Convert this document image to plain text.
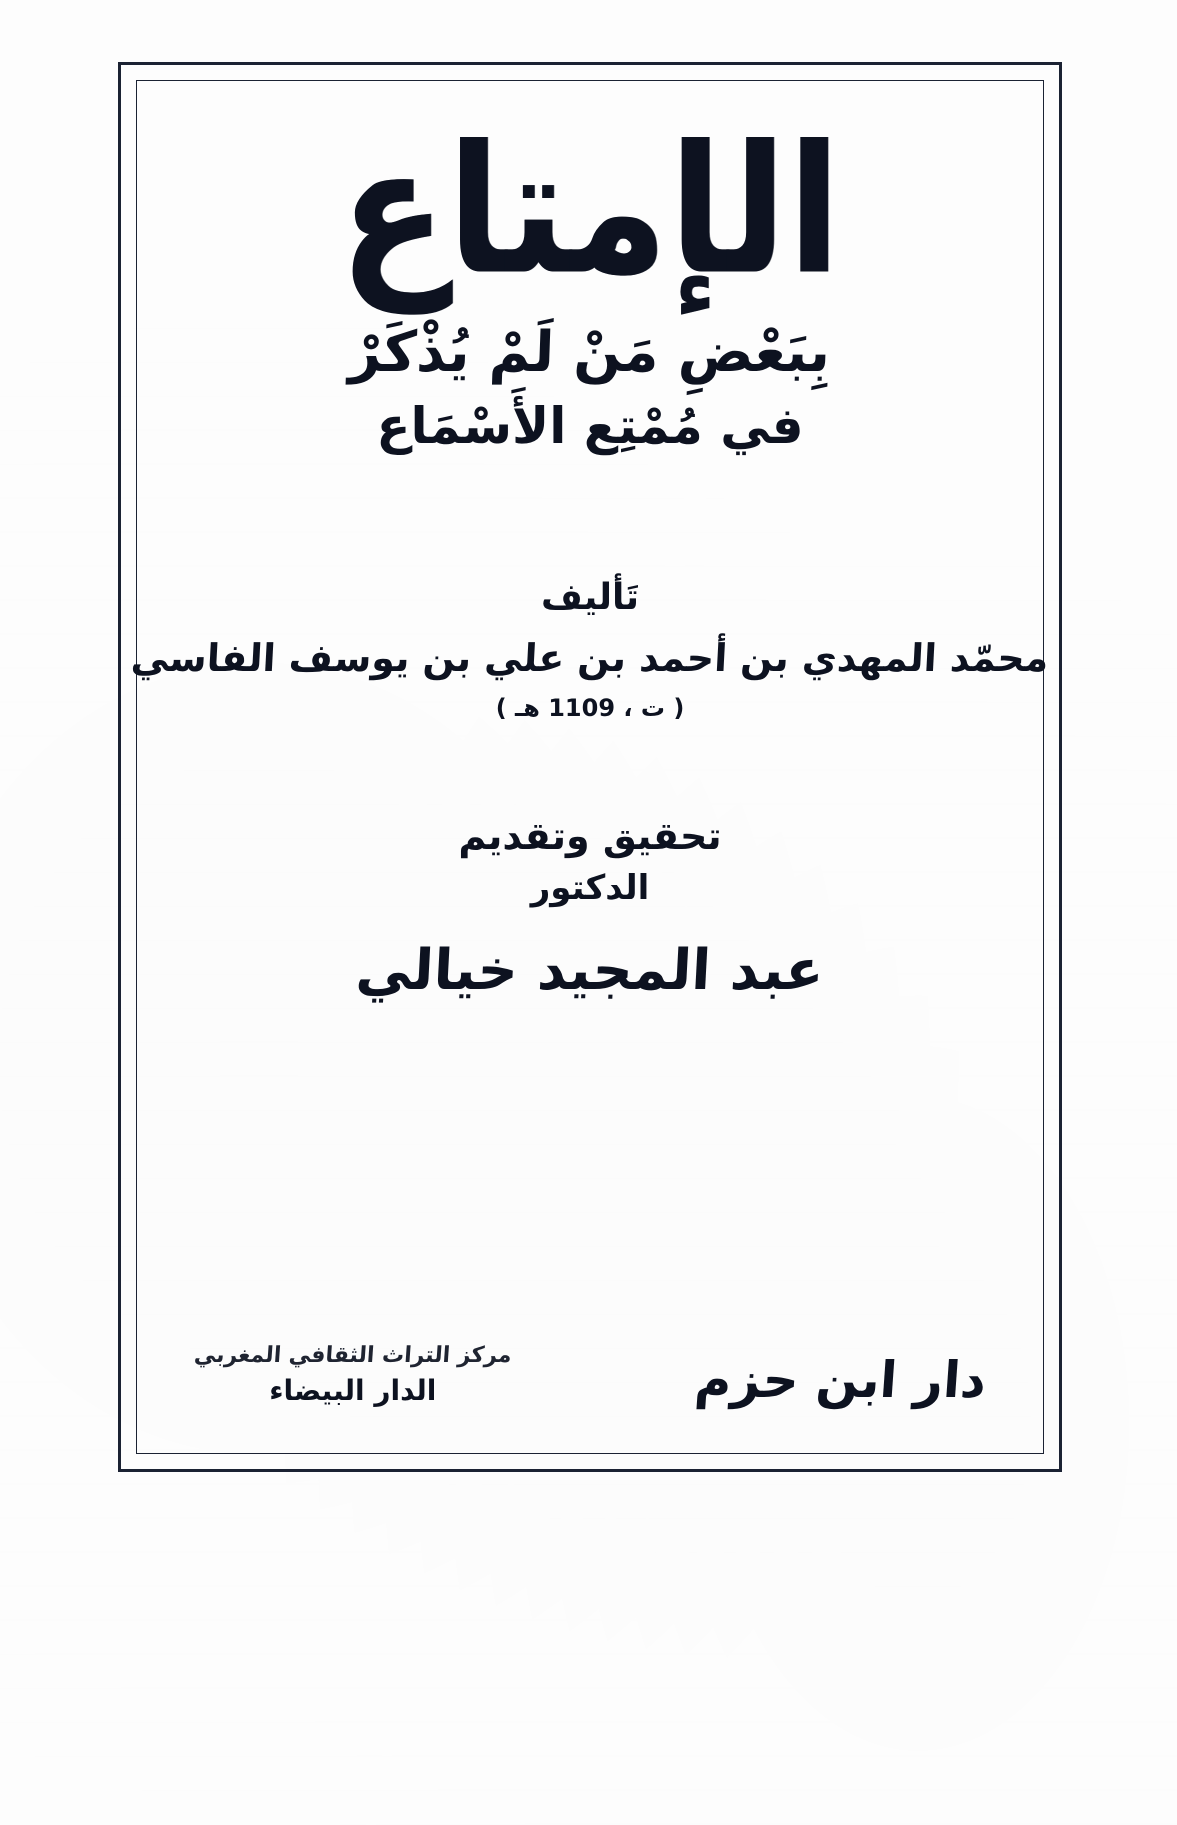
الإمتاع
بِبَعْضِ مَنْ لَمْ يُذْكَرْ
في مُمْتِع الأَسْمَاع
تَأليف
محمّد المهدي بن أحمد بن علي بن يوسف الفاسي
( ت ، 1109 هـ )
تحقيق وتقديم
الدكتور
عبد المجيد خيالي
دار ابن حزم
مركز التراث الثقافي المغربي
الدار البيضاء
